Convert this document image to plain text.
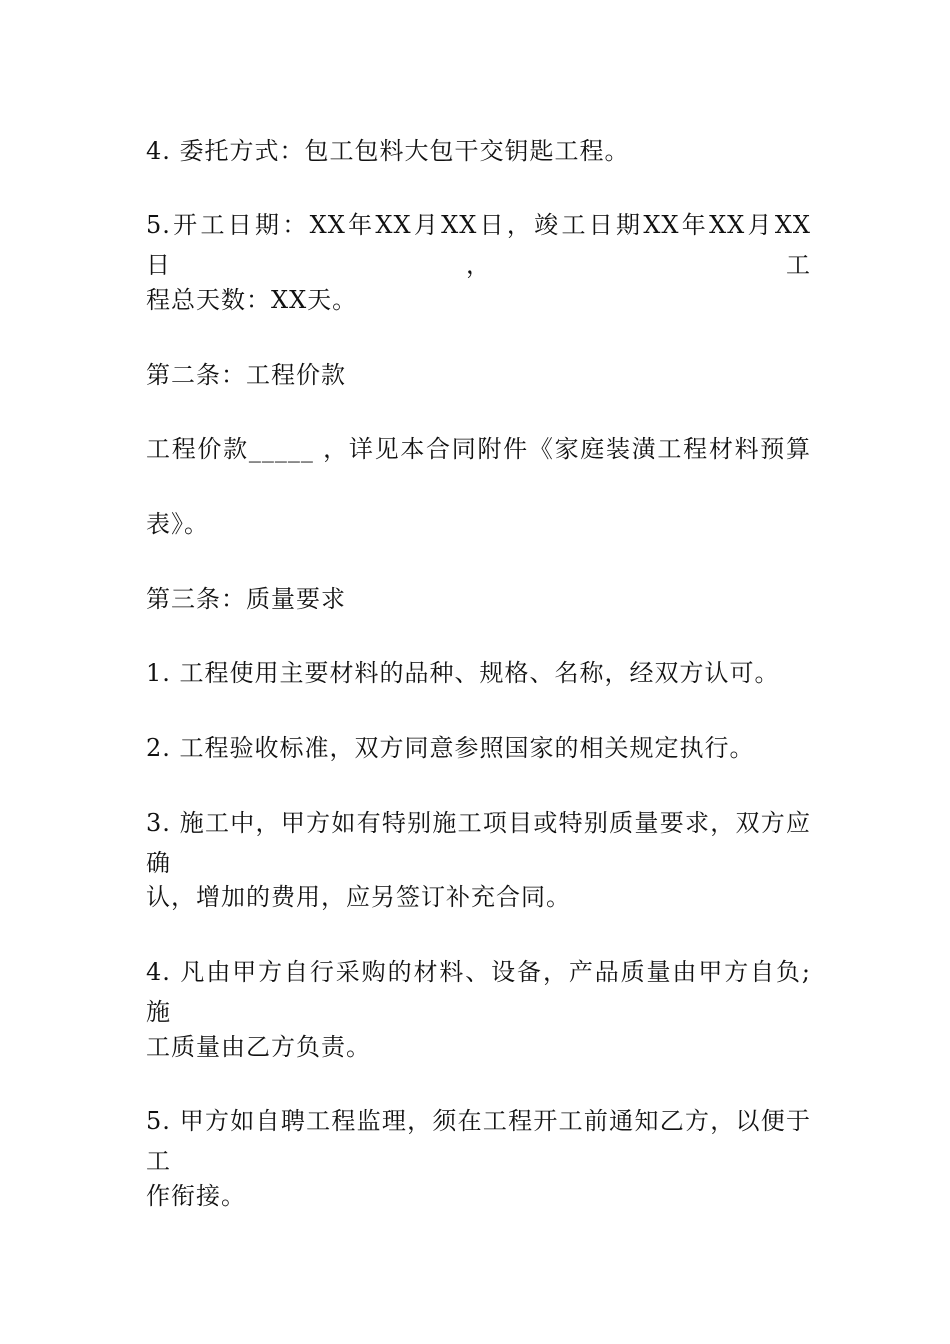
4. 委托方式：包工包料大包干交钥匙工程。
5.开工日期：XX年XX月XX日，竣工日期XX年XX月XX日，工
程总天数：XX天。
第二条：工程价款
工程价款_____ ，详见本合同附件《家庭装潢工程材料预算
表》。
第三条：质量要求
1. 工程使用主要材料的品种、规格、名称，经双方认可。
2. 工程验收标准，双方同意参照国家的相关规定执行。
3. 施工中，甲方如有特别施工项目或特别质量要求，双方应确
认，增加的费用，应另签订补充合同。
4. 凡由甲方自行采购的材料、设备，产品质量由甲方自负;施
工质量由乙方负责。
5. 甲方如自聘工程监理，须在工程开工前通知乙方，以便于工
作衔接。
